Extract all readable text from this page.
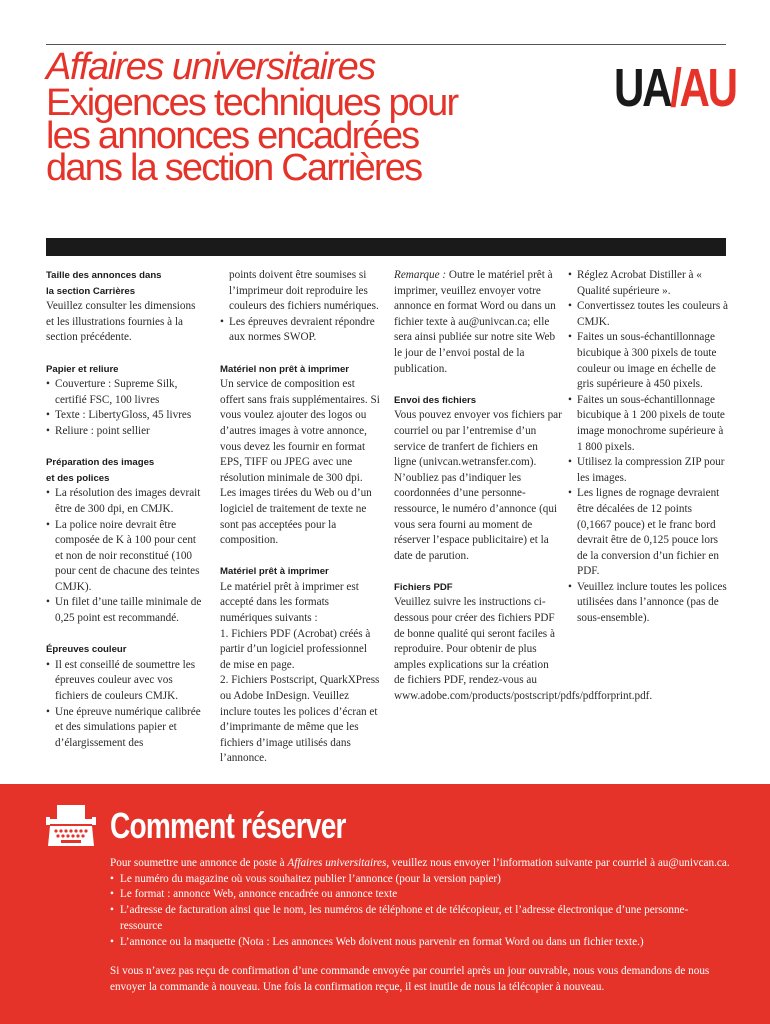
Affaires universitaires
Exigences techniques pour
les annonces encadrées
dans la section Carrières
UA/AU
Taille des annonces dans
la section Carrières
Veuillez consulter les dimensions et les illustrations fournies à la section précédente.
Papier et reliure
• Couverture : Supreme Silk, certifié FSC, 100 livres
• Texte : LibertyGloss, 45 livres
• Reliure : point sellier
Préparation des images
et des polices
• La résolution des images devrait être de 300 dpi, en CMJK.
• La police noire devrait être composée de K à 100 pour cent et non de noir reconstitué (100 pour cent de chacune des teintes CMJK).
• Un filet d’une taille minimale de 0,25 point est recommandé.
Épreuves couleur
• Il est conseillé de soumettre les épreuves couleur avec vos fichiers de couleurs CMJK.
• Une épreuve numérique calibrée et des simulations papier et d’élargissement des
points doivent être soumises si l’imprimeur doit reproduire les couleurs des fichiers numériques.
• Les épreuves devraient répondre aux normes SWOP.
Matériel non prêt à imprimer
Un service de composition est offert sans frais supplémentaires. Si vous voulez ajouter des logos ou d’autres images à votre annonce, vous devez les fournir en format EPS, TIFF ou JPEG avec une résolution minimale de 300 dpi. Les images tirées du Web ou d’un logiciel de traitement de texte ne sont pas acceptées pour la composition.
Matériel prêt à imprimer
Le matériel prêt à imprimer est accepté dans les formats numériques suivants :
1. Fichiers PDF (Acrobat) créés à partir d’un logiciel professionnel de mise en page.
2. Fichiers Postscript, QuarkXPress ou Adobe InDesign. Veuillez inclure toutes les polices d’écran et d’imprimante de même que les fichiers d’image utilisés dans l’annonce.
Remarque : Outre le matériel prêt à imprimer, veuillez envoyer votre annonce en format Word ou dans un fichier texte à au@univcan.ca; elle sera ainsi publiée sur notre site Web le jour de l’envoi postal de la publication.
Envoi des fichiers
Vous pouvez envoyer vos fichiers par courriel ou par l’entremise d’un service de tranfert de fichiers en ligne (univcan.wetransfer.com). N’oubliez pas d’indiquer les coordonnées d’une personne-ressource, le numéro d’annonce (qui vous sera fourni au moment de réserver l’espace publicitaire) et la date de parution.
Fichiers PDF
Veuillez suivre les instructions ci-dessous pour créer des fichiers PDF de bonne qualité qui seront faciles à reproduire. Pour obtenir de plus amples explications sur la création de fichiers PDF, rendez-vous au www.adobe.com/products/postscript/pdfs/pdfforprint.pdf.
• Réglez Acrobat Distiller à « Qualité supérieure ».
• Convertissez toutes les couleurs à CMJK.
• Faites un sous-échantillonnage bicubique à 300 pixels de toute couleur ou image en échelle de gris supérieure à 450 pixels.
• Faites un sous-échantillonnage bicubique à 1 200 pixels de toute image monochrome supérieure à 1 800 pixels.
• Utilisez la compression ZIP pour les images.
• Les lignes de rognage devraient être décalées de 12 points (0,1667 pouce) et le franc bord devrait être de 0,125 pouce lors de la conversion d’un fichier en PDF.
• Veuillez inclure toutes les polices utilisées dans l’annonce (pas de sous-ensemble).
Comment réserver
Pour soumettre une annonce de poste à Affaires universitaires, veuillez nous envoyer l’information suivante par courriel à au@univcan.ca.
• Le numéro du magazine où vous souhaitez publier l’annonce (pour la version papier)
• Le format : annonce Web, annonce encadrée ou annonce texte
• L’adresse de facturation ainsi que le nom, les numéros de téléphone et de télécopieur, et l’adresse électronique d’une personne-ressource
• L’annonce ou la maquette (Nota : Les annonces Web doivent nous parvenir en format Word ou dans un fichier texte.)
Si vous n’avez pas reçu de confirmation d’une commande envoyée par courriel après un jour ouvrable, nous vous demandons de nous envoyer la commande à nouveau. Une fois la confirmation reçue, il est inutile de nous la télécopier à nouveau.
